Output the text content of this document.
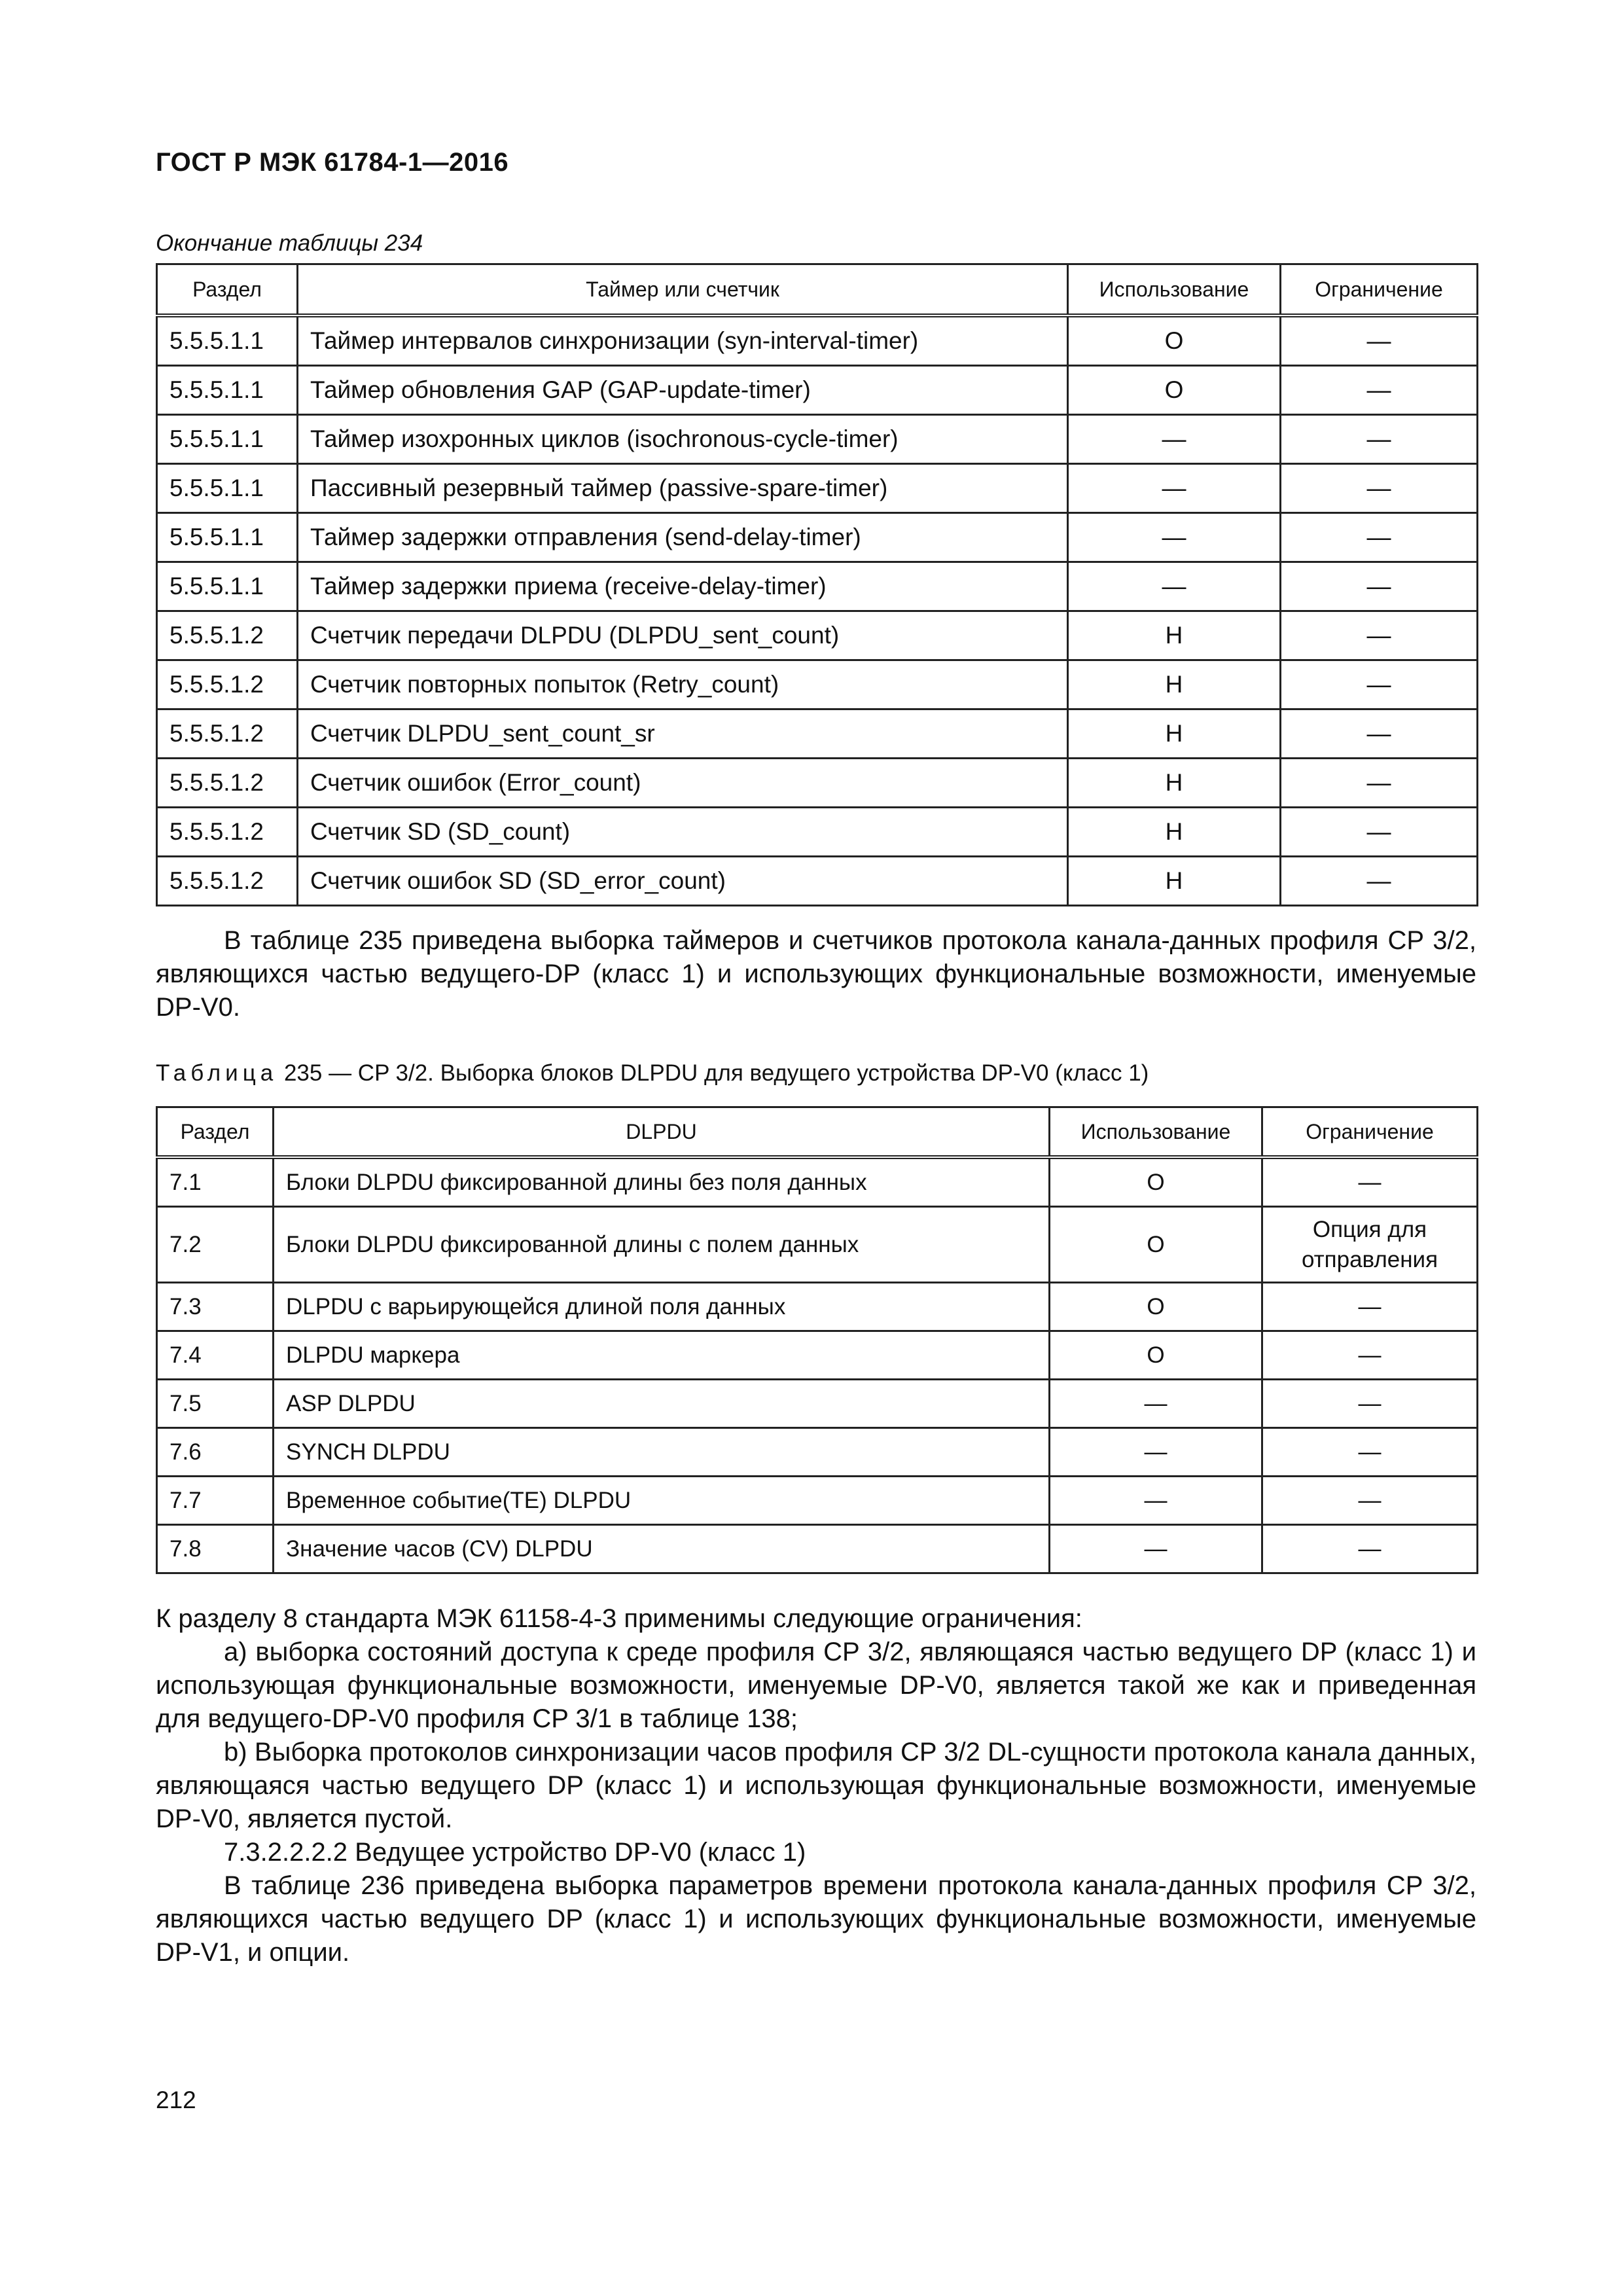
ГОСТ Р МЭК 61784-1—2016
Окончание таблицы 234
Раздел	Таймер или счетчик	Использование	Ограничение
5.5.5.1.1	Таймер интервалов синхронизации (syn-interval-timer)	O	—
5.5.5.1.1	Таймер обновления GAP (GAP-update-timer)	O	—
5.5.5.1.1	Таймер изохронных циклов (isochronous-cycle-timer)	—	—
5.5.5.1.1	Пассивный резервный таймер (passive-spare-timer)	—	—
5.5.5.1.1	Таймер задержки отправления (send-delay-timer)	—	—
5.5.5.1.1	Таймер задержки приема (receive-delay-timer)	—	—
5.5.5.1.2	Счетчик передачи DLPDU (DLPDU_sent_count)	H	—
5.5.5.1.2	Счетчик повторных попыток (Retry_count)	H	—
5.5.5.1.2	Счетчик DLPDU_sent_count_sr	H	—
5.5.5.1.2	Счетчик ошибок (Error_count)	H	—
5.5.5.1.2	Счетчик SD (SD_count)	H	—
5.5.5.1.2	Счетчик ошибок SD (SD_error_count)	H	—

В таблице 235 приведена выборка таймеров и счетчиков протокола канала-данных профиля CP 3/2, являющихся частью ведущего-DP (класс 1) и использующих функциональные возможности, именуемые DP-V0.

Таблица 235 — CP 3/2. Выборка блоков DLPDU для ведущего устройства DP-V0 (класс 1)
Раздел	DLPDU	Использование	Ограничение
7.1	Блоки DLPDU фиксированной длины без поля данных	O	—
7.2	Блоки DLPDU фиксированной длины с полем данных	O	Опция для отправления
7.3	DLPDU с варьирующейся длиной поля данных	O	—
7.4	DLPDU маркера	O	—
7.5	ASP DLPDU	—	—
7.6	SYNCH DLPDU	—	—
7.7	Временное событие(TE) DLPDU	—	—
7.8	Значение часов (CV) DLPDU	—	—

К разделу 8 стандарта МЭК 61158-4-3 применимы следующие ограничения:

а) выборка состояний доступа к среде профиля CP 3/2, являющаяся частью ведущего DP (класс 1) и использующая функциональные возможности, именуемые DP-V0, является такой же как и приведенная для ведущего-DP-V0 профиля CP 3/1 в таблице 138;

b) Выборка протоколов синхронизации часов профиля CP 3/2 DL-сущности протокола канала данных, являющаяся частью ведущего DP (класс 1) и использующая функциональные возможности, именуемые DP-V0, является пустой.

7.3.2.2.2.2 Ведущее устройство DP-V0 (класс 1)

В таблице 236 приведена выборка параметров времени протокола канала-данных профиля CP 3/2, являющихся частью ведущего DP (класс 1) и использующих функциональные возможности, именуемые DP-V1, и опции.

212
